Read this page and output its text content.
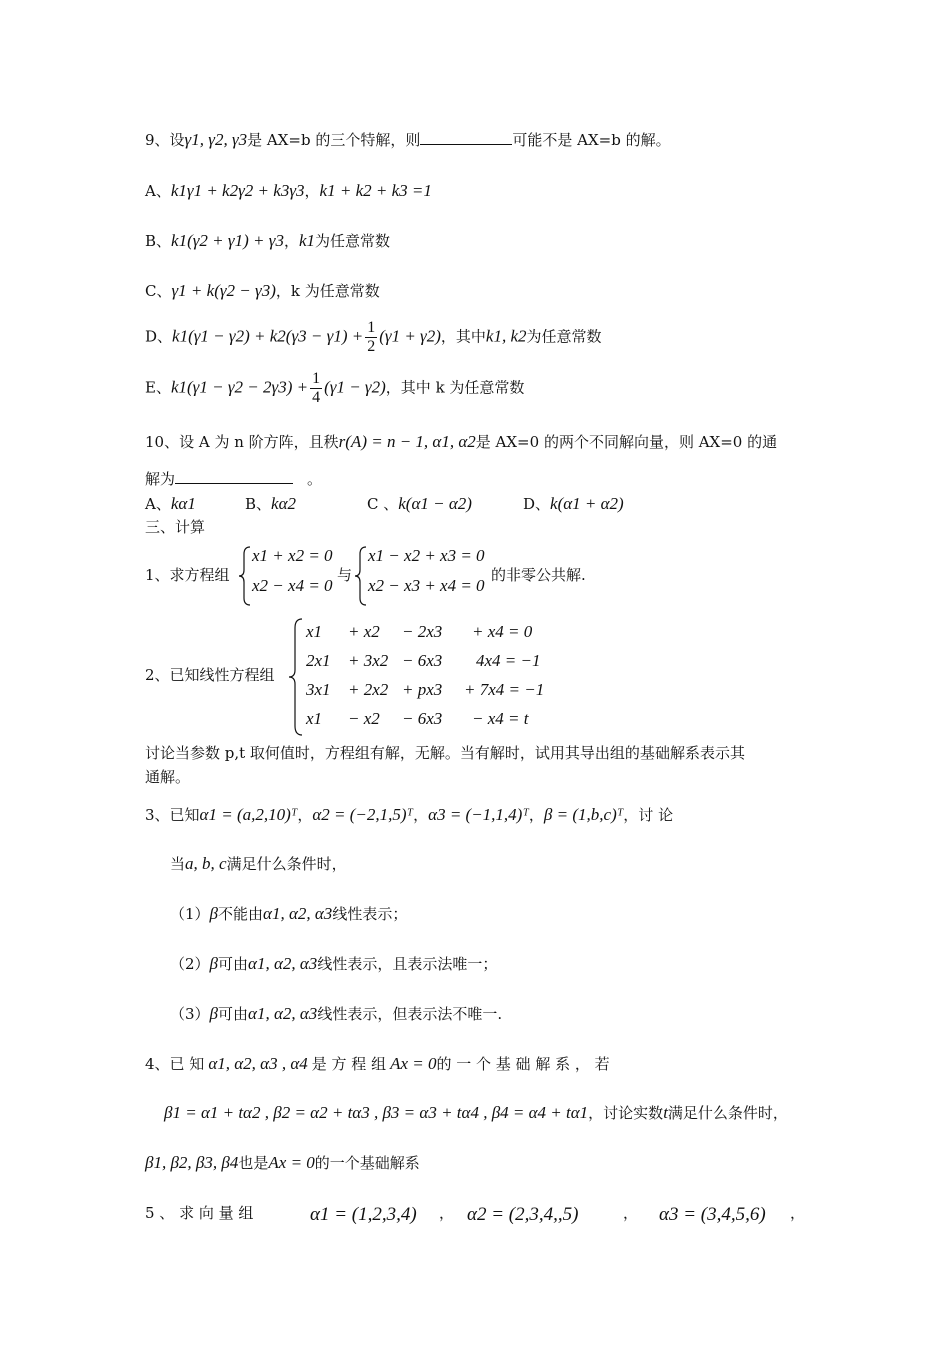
9、设γ1, γ2, γ3是 AX=b 的三个特解，则	可能不是 AX=b 的解。
A、k1γ1 + k2γ2 + k3γ3，k1 + k2 + k3 =1
B、k1(γ2 + γ1) + γ3，k1为任意常数
C、γ1 + k(γ2 − γ3)，k 为任意常数
D、$k1(\gamma 1 - \gamma 2) + k2(\gamma 3 - \gamma 1) + \frac{1}{2} (\gamma 1 + \gamma 2)$，其中k1, k2为任意常数
E、$k1(\gamma 1 - \gamma 2 - 2\gamma 3) + \frac{1}{4} (\gamma 1 - \gamma 2)$，其中 k 为任意常数
10、设 A 为 n 阶方阵，且秩r(A) = n − 1, α1, α2是 AX=0 的两个不同解向量，则 AX=0 的通
解为	。
A、kα1	B、kα2	C 、k(α1 − α2)	D、k(α1 + α2)
三、计算
1、求方程组
x1 + x2 = 0
x2 − x4 = 0
与
x1 − x2 + x3 = 0
x2 − x3 + x4 = 0
的非零公共解.
2、已知线性方程组
x1 + x2 − 2x3 + x4 = 0
2x1 + 3x2 − 6x3 4x4 = −1
3x1 + 2x2 + px3 + 7x4 = −1
x1 − x2 − 6x3 − x4 = t
讨论当参数 p,t 取何值时，方程组有解，无解。当有解时，试用其导出组的基础解系表示其
通解。
3、已知α1 = (a,2,10)ᵀ，α2 = (−2,1,5)ᵀ，α3 = (−1,1,4)ᵀ，β = (1,b,c)ᵀ，讨 论
当a, b, c满足什么条件时，
（1）β不能由α1, α2, α3线性表示；
（2）β可由α1, α2, α3线性表示，且表示法唯一；
（3）β可由α1, α2, α3线性表示，但表示法不唯一.
4、已 知 α1, α2, α3 , α4 是 方 程 组 Ax = 0的 一 个 基 础 解 系 ， 若
β1 = α1 + tα2 , β2 = α2 + tα3 , β3 = α3 + tα4 , β4 = α4 + tα1，讨论实数t满足什么条件时，
β1, β2, β3, β4也是Ax = 0的一个基础解系
5 、 求 向 量 组	α1 = (1,2,3,4) ， α2 = (2,3,4,,5)	， α3 = (3,4,5,6) ，
